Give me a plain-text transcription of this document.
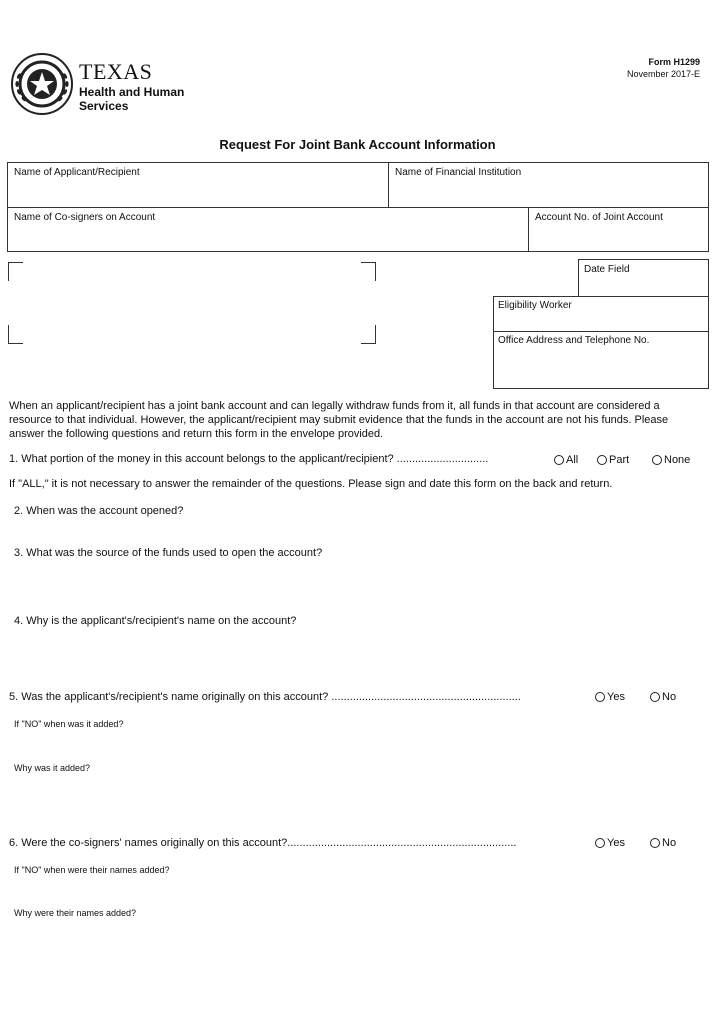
TEXAS
Health and Human Services
Form H1299
November 2017-E
Request For Joint Bank Account Information
Name of Applicant/Recipient	Name of Financial Institution
Name of Co-signers on Account	Account No. of Joint Account
Date Field
Eligibility Worker
Office Address and Telephone No.
When an applicant/recipient has a joint bank account and can legally withdraw funds from it, all funds in that account are considered a resource to that individual. However, the applicant/recipient may submit evidence that the funds in the account are not his funds. Please answer the following questions and return this form in the envelope provided.
1. What portion of the money in this account belongs to the applicant/recipient? ..............................	All	Part	None
If "ALL," it is not necessary to answer the remainder of the questions. Please sign and date this form on the back and return.
2. When was the account opened?
3. What was the source of the funds used to open the account?
4. Why is the applicant's/recipient's name on the account?
5. Was the applicant's/recipient's name originally on this account? ..............................................................	Yes	No
If "NO" when was it added?
Why was it added?
6. Were the co-signers' names originally on this account?...........................................................................	Yes	No
If "NO" when were their names added?
Why were their names added?
